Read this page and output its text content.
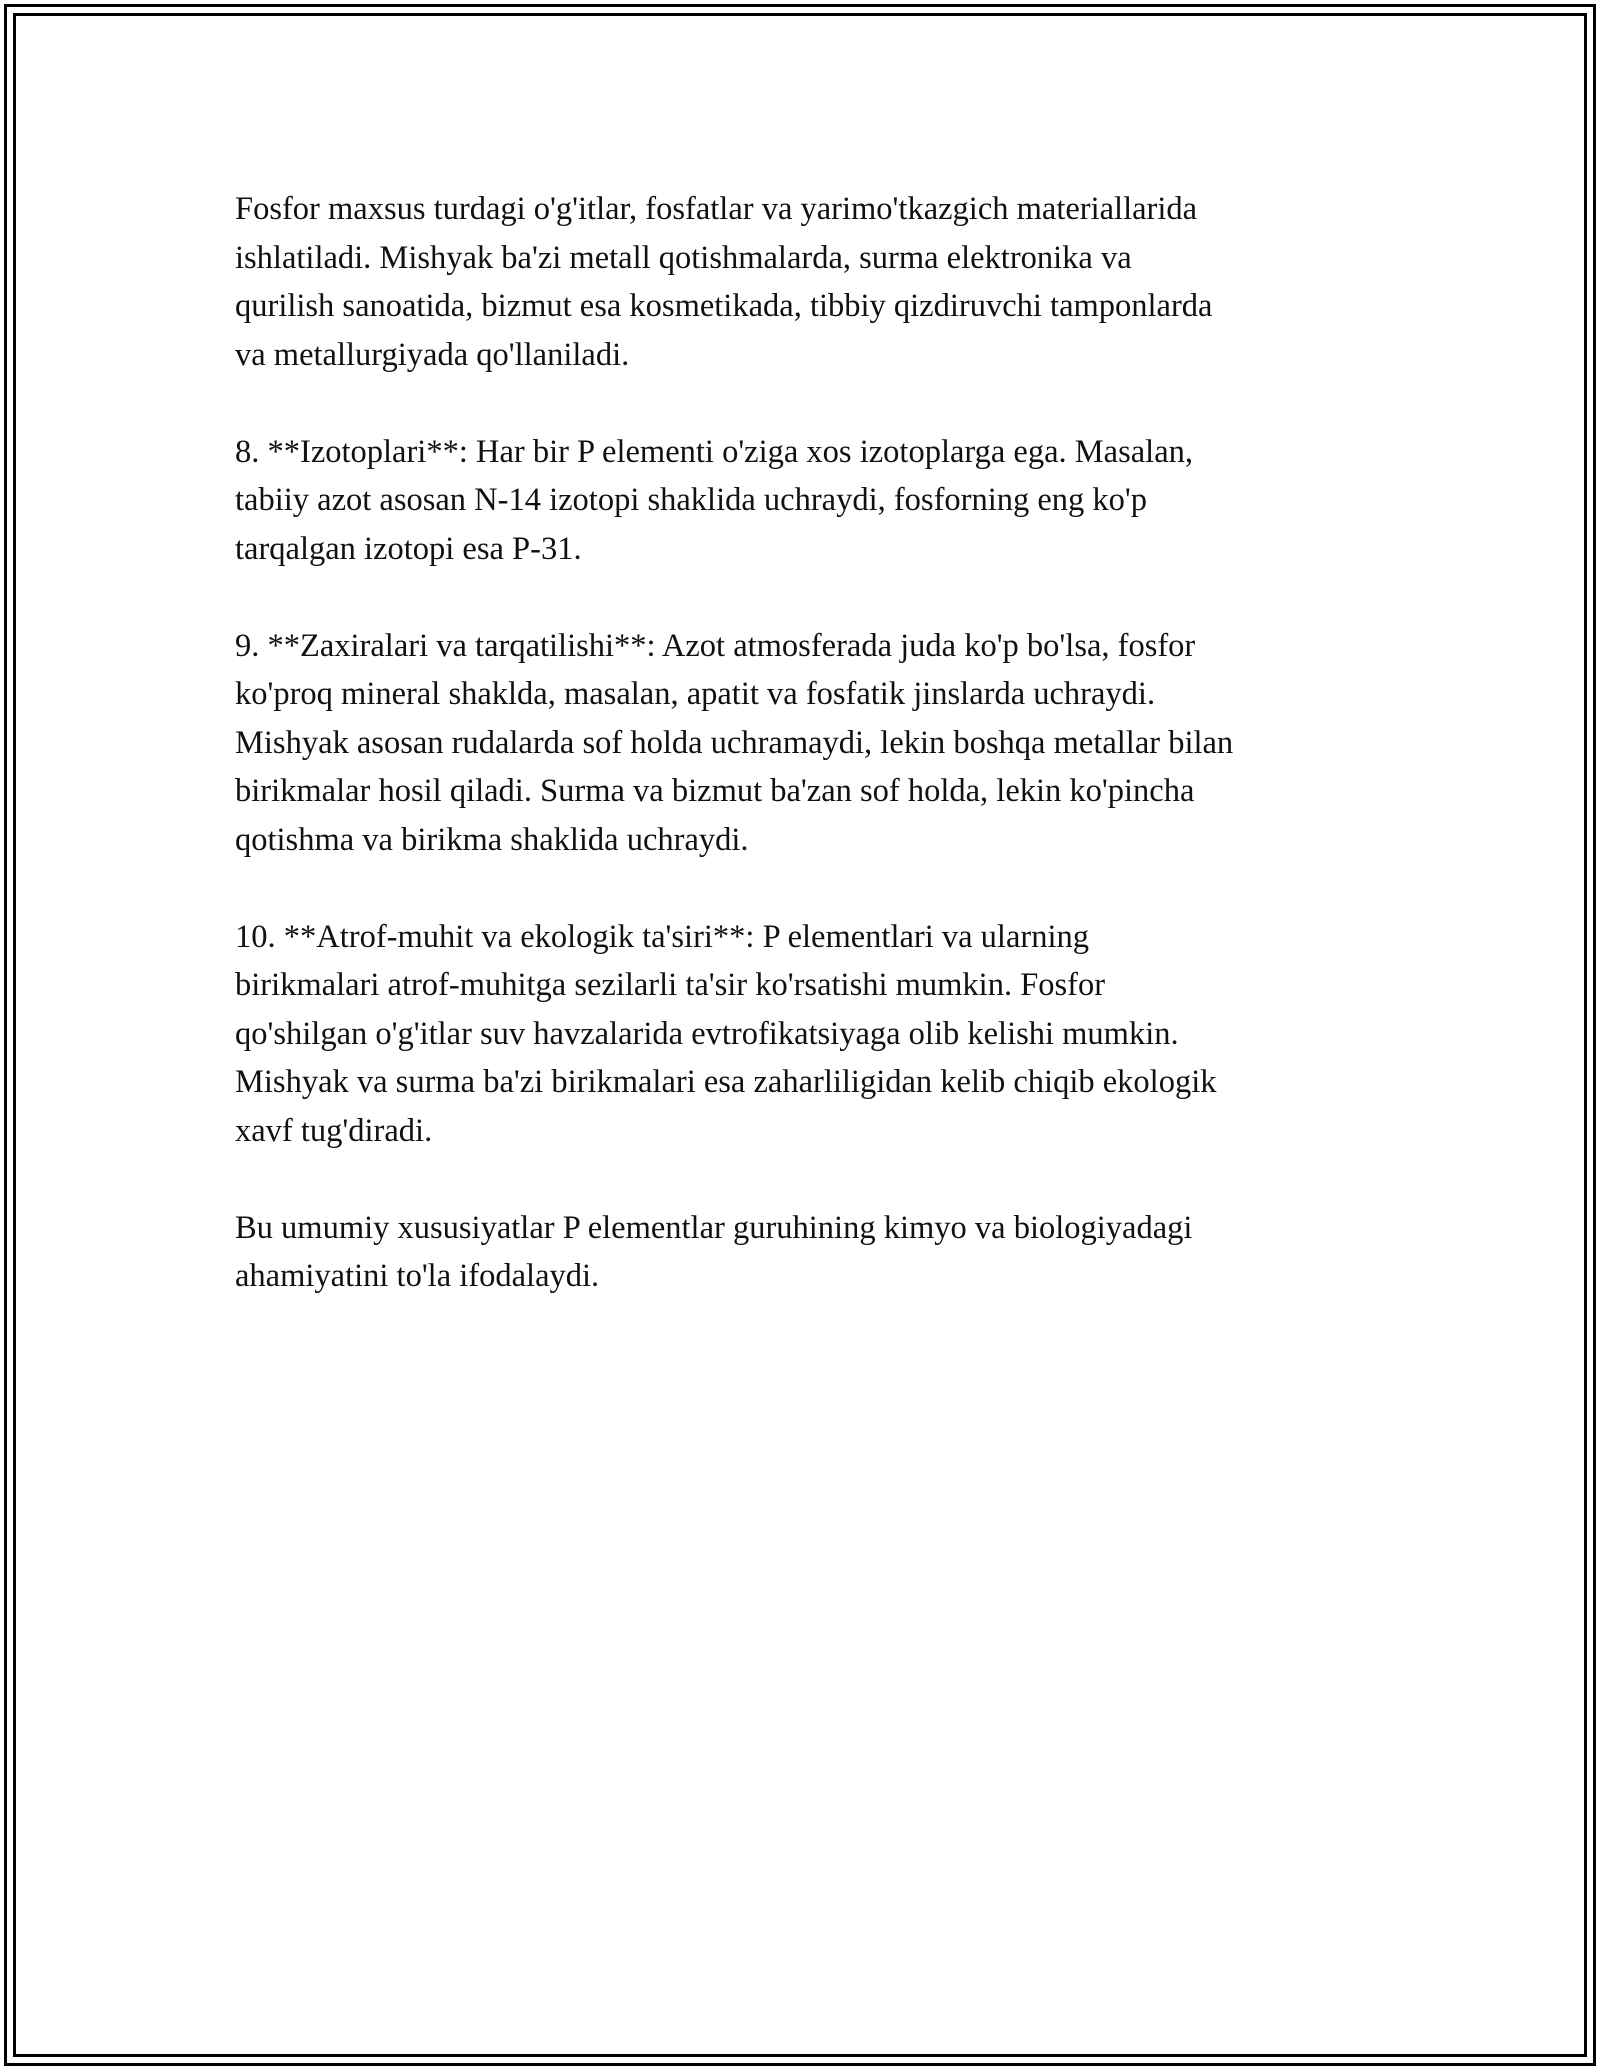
Fosfor maxsus turdagi o'g'itlar, fosfatlar va yarimo'tkazgich materiallarida
ishlatiladi. Mishyak ba'zi metall qotishmalarda, surma elektronika va
qurilish sanoatida, bizmut esa kosmetikada, tibbiy qizdiruvchi tamponlarda
va metallurgiyada qo'llaniladi.

8. **Izotoplari**: Har bir P elementi o'ziga xos izotoplarga ega. Masalan,
tabiiy azot asosan N-14 izotopi shaklida uchraydi, fosforning eng ko'p
tarqalgan izotopi esa P-31.

9. **Zaxiralari va tarqatilishi**: Azot atmosferada juda ko'p bo'lsa, fosfor
ko'proq mineral shaklda, masalan, apatit va fosfatik jinslarda uchraydi.
Mishyak asosan rudalarda sof holda uchramaydi, lekin boshqa metallar bilan
birikmalar hosil qiladi. Surma va bizmut ba'zan sof holda, lekin ko'pincha
qotishma va birikma shaklida uchraydi.

10. **Atrof-muhit va ekologik ta'siri**: P elementlari va ularning
birikmalari atrof-muhitga sezilarli ta'sir ko'rsatishi mumkin. Fosfor
qo'shilgan o'g'itlar suv havzalarida evtrofikatsiyaga olib kelishi mumkin.
Mishyak va surma ba'zi birikmalari esa zaharliligidan kelib chiqib ekologik
xavf tug'diradi.

Bu umumiy xususiyatlar P elementlar guruhining kimyo va biologiyadagi
ahamiyatini to'la ifodalaydi.
